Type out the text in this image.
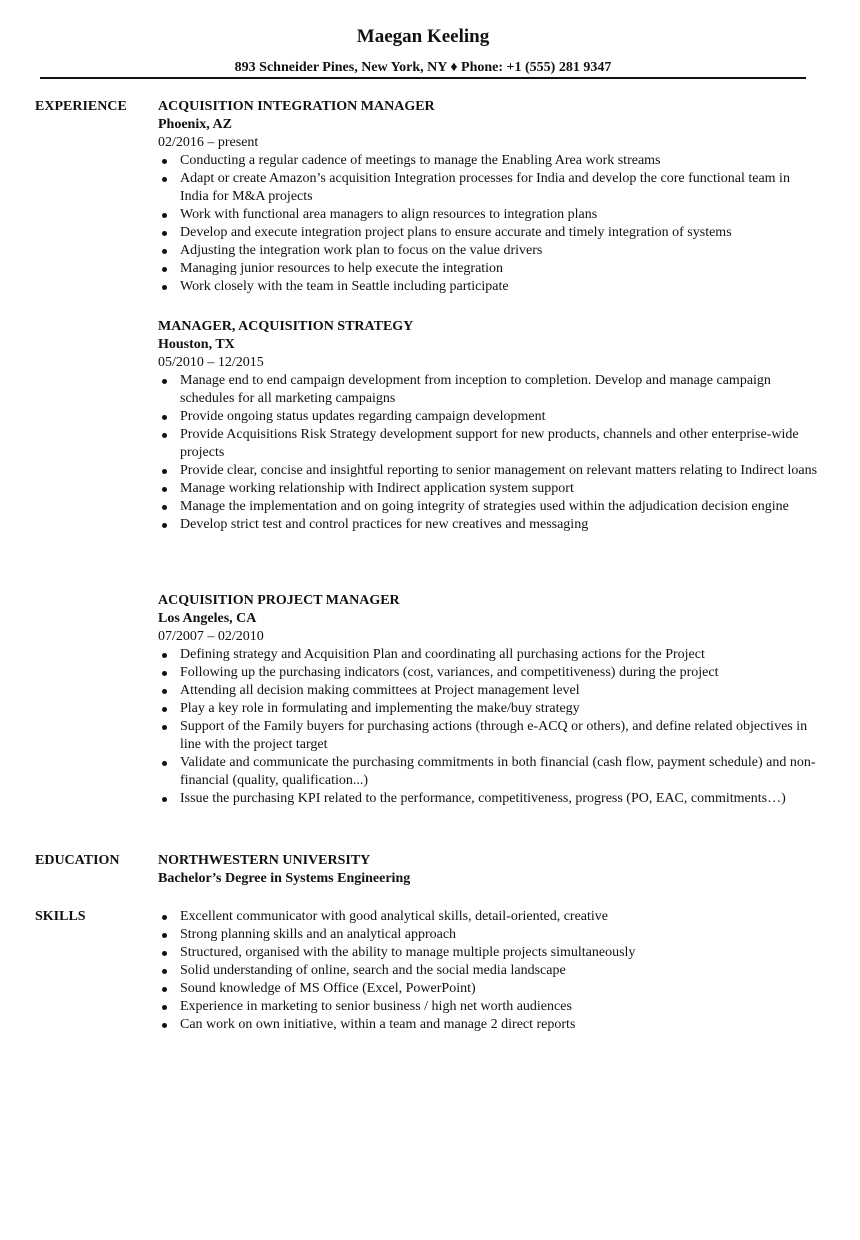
Maegan Keeling
893 Schneider Pines, New York, NY ♦ Phone: +1 (555) 281 9347
EXPERIENCE ACQUISITION INTEGRATION MANAGER
Phoenix, AZ
02/2016 – present
Conducting a regular cadence of meetings to manage the Enabling Area work streams
Adapt or create Amazon’s acquisition Integration processes for India and develop the core functional team in India for M&A projects
Work with functional area managers to align resources to integration plans
Develop and execute integration project plans to ensure accurate and timely integration of systems
Adjusting the integration work plan to focus on the value drivers
Managing junior resources to help execute the integration
Work closely with the team in Seattle including participate
MANAGER, ACQUISITION STRATEGY
Houston, TX
05/2010 – 12/2015
Manage end to end campaign development from inception to completion. Develop and manage campaign schedules for all marketing campaigns
Provide ongoing status updates regarding campaign development
Provide Acquisitions Risk Strategy development support for new products, channels and other enterprise-wide projects
Provide clear, concise and insightful reporting to senior management on relevant matters relating to Indirect loans
Manage working relationship with Indirect application system support
Manage the implementation and on going integrity of strategies used within the adjudication decision engine
Develop strict test and control practices for new creatives and messaging
ACQUISITION PROJECT MANAGER
Los Angeles, CA
07/2007 – 02/2010
Defining strategy and Acquisition Plan and coordinating all purchasing actions for the Project
Following up the purchasing indicators (cost, variances, and competitiveness) during the project
Attending all decision making committees at Project management level
Play a key role in formulating and implementing the make/buy strategy
Support of the Family buyers for purchasing actions (through e-ACQ or others), and define related objectives in line with the project target
Validate and communicate the purchasing commitments in both financial (cash flow, payment schedule) and non-financial (quality, qualification...)
Issue the purchasing KPI related to the performance, competitiveness, progress (PO, EAC, commitments…)
EDUCATION	NORTHWESTERN UNIVERSITY
Bachelor’s Degree in Systems Engineering
SKILLS	Excellent communicator with good analytical skills, detail-oriented, creative
Strong planning skills and an analytical approach
Structured, organised with the ability to manage multiple projects simultaneously
Solid understanding of online, search and the social media landscape
Sound knowledge of MS Office (Excel, PowerPoint)
Experience in marketing to senior business / high net worth audiences
Can work on own initiative, within a team and manage 2 direct reports
